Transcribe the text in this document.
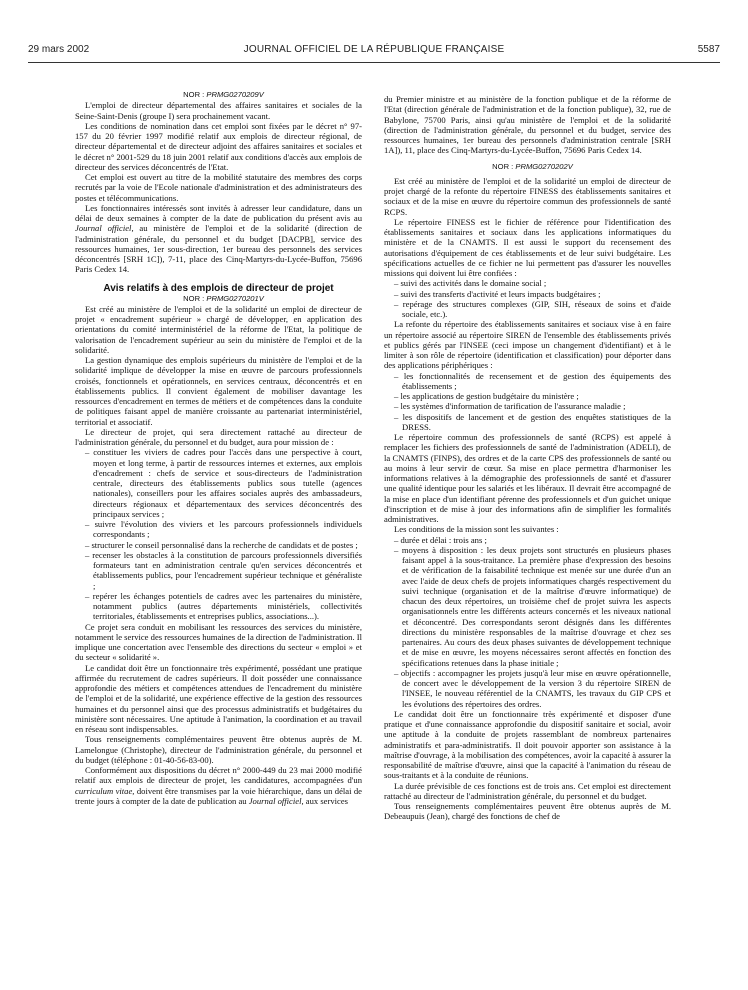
29 mars 2002	JOURNAL OFFICIEL DE LA RÉPUBLIQUE FRANÇAISE	5587

NOR : PRMG0270209V

L'emploi de directeur départemental des affaires sanitaires et sociales de la Seine-Saint-Denis (groupe I) sera prochainement vacant.

Les conditions de nomination dans cet emploi sont fixées par le décret n° 97-157 du 20 février 1997 modifié relatif aux emplois de directeur régional, de directeur départemental et de directeur adjoint des affaires sanitaires et sociales et le décret n° 2001-529 du 18 juin 2001 relatif aux conditions d'accès aux emplois de directeur des services déconcentrés de l'Etat.

Cet emploi est ouvert au titre de la mobilité statutaire des membres des corps recrutés par la voie de l'Ecole nationale d'administration et des administrateurs des postes et télécommunications.

Les fonctionnaires intéressés sont invités à adresser leur candidature, dans un délai de deux semaines à compter de la date de publication du présent avis au Journal officiel, au ministère de l'emploi et de la solidarité (direction de l'administration générale, du personnel et du budget [DACPB], service des ressources humaines, 1er sous-direction, 1er bureau des personnels des services déconcentrés [SRH 1C]), 7-11, place des Cinq-Martyrs-du-Lycée-Buffon, 75696 Paris Cedex 14.

Avis relatifs à des emplois de directeur de projet

NOR : PRMG0270201V

Est créé au ministère de l'emploi et de la solidarité un emploi de directeur de projet « encadrement supérieur » chargé de développer, en application des orientations du comité interministériel de la réforme de l'Etat, la politique de valorisation de l'encadrement supérieur au sein du ministère de l'emploi et de la solidarité.

La gestion dynamique des emplois supérieurs du ministère de l'emploi et de la solidarité implique de développer la mise en œuvre de parcours professionnels croisés, fonctionnels et opérationnels, en services centraux, déconcentrés et en établissements publics. Il convient également de mobiliser davantage les ressources d'encadrement en termes de métiers et de compétences dans la conduite de politiques faisant appel de manière croissante au partenariat interministériel, territorial et associatif.

Le directeur de projet, qui sera directement rattaché au directeur de l'administration générale, du personnel et du budget, aura pour mission de :

– constituer les viviers de cadres pour l'accès dans une perspective à court, moyen et long terme, à partir de ressources internes et externes, aux emplois d'encadrement : chefs de service et sous-directeurs de l'administration centrale, directeurs des établissements publics sous tutelle (agences nationales), conseillers pour les affaires sociales auprès des ambassadeurs, directeurs régionaux et départementaux des services déconcentrés des principaux services ;
– suivre l'évolution des viviers et les parcours professionnels individuels correspondants ;
– structurer le conseil personnalisé dans la recherche de candidats et de postes ;
– recenser les obstacles à la constitution de parcours professionnels diversifiés formateurs tant en administration centrale qu'en services déconcentrés et établissements publics, pour l'encadrement supérieur technique et généraliste ;
– repérer les échanges potentiels de cadres avec les partenaires du ministère, notamment publics (autres départements ministériels, collectivités territoriales, établissements et entreprises publics, associations...).

Ce projet sera conduit en mobilisant les ressources des services du ministère, notamment le service des ressources humaines de la direction de l'administration. Il implique une concertation avec l'ensemble des directions du secteur « emploi » et du secteur « solidarité ».

Le candidat doit être un fonctionnaire très expérimenté, possédant une pratique affirmée du recrutement de cadres supérieurs. Il doit posséder une connaissance approfondie des métiers et compétences attendues de l'encadrement du ministère de l'emploi et de la solidarité, une expérience effective de la gestion des ressources humaines et du personnel ainsi que des processus administratifs et budgétaires du ministère sont nécessaires. Une aptitude à l'animation, la coordination et au travail en réseau sont indispensables.

Tous renseignements complémentaires peuvent être obtenus auprès de M. Lamelongue (Christophe), directeur de l'administration générale, du personnel et du budget (téléphone : 01-40-56-83-00).

Conformément aux dispositions du décret n° 2000-449 du 23 mai 2000 modifié relatif aux emplois de directeur de projet, les candidatures, accompagnées d'un curriculum vitae, doivent être transmises par la voie hiérarchique, dans un délai de trente jours à compter de la date de publication au Journal officiel, aux services

du Premier ministre et au ministère de la fonction publique et de la réforme de l'Etat (direction générale de l'administration et de la fonction publique), 32, rue de Babylone, 75700 Paris, ainsi qu'au ministère de l'emploi et de la solidarité (direction de l'administration générale, du personnel et du budget, service des ressources humaines, 1er bureau des personnels d'administration centrale [SRH 1A]), 11, place des Cinq-Martyrs-du-Lycée-Buffon, 75696 Paris Cedex 14.

NOR : PRMG0270202V

Est créé au ministère de l'emploi et de la solidarité un emploi de directeur de projet chargé de la refonte du répertoire FINESS des établissements sanitaires et sociaux et de la mise en œuvre du répertoire commun des professionnels de santé RCPS.

Le répertoire FINESS est le fichier de référence pour l'identification des établissements sanitaires et sociaux dans les applications informatiques du ministère et de la CNAMTS. Il est aussi le support du recensement des autorisations d'équipement de ces établissements et de leur suivi budgétaire. Les spécifications actuelles de ce fichier ne lui permettent pas d'assurer les nouvelles missions qui doivent lui être confiées :

– suivi des activités dans le domaine social ;
– suivi des transferts d'activité et leurs impacts budgétaires ;
– repérage des structures complexes (GIP, SIH, réseaux de soins et d'aide sociale, etc.).

La refonte du répertoire des établissements sanitaires et sociaux vise à en faire un répertoire associé au répertoire SIREN de l'ensemble des établissements privés et publics gérés par l'INSEE (ceci impose un changement d'identifiant) et à le limiter à son rôle de répertoire (identification et classification) pour déporter dans des applications périphériques :

– les fonctionnalités de recensement et de gestion des équipements des établissements ;
– les applications de gestion budgétaire du ministère ;
– les systèmes d'information de tarification de l'assurance maladie ;
– les dispositifs de lancement et de gestion des enquêtes statistiques de la DRESS.

Le répertoire commun des professionnels de santé (RCPS) est appelé à remplacer les fichiers des professionnels de santé de l'administration (ADELI), de la CNAMTS (FINPS), des ordres et de la carte CPS des professionnels de santé ou au moins à leur servir de cœur. Sa mise en place permettra d'harmoniser les informations relatives à la démographie des professionnels de santé et d'assurer une qualité identique pour les salariés et les libéraux. Il devrait être accompagné de la mise en place d'un identifiant pérenne des professionnels et d'un guichet unique d'inscription et de mise à jour des informations afin de simplifier les formalités administratives.

Les conditions de la mission sont les suivantes :

– durée et délai : trois ans ;
– moyens à disposition : les deux projets sont structurés en plusieurs phases faisant appel à la sous-traitance. La première phase d'expression des besoins et de vérification de la faisabilité technique est menée sur une durée d'un an avec l'aide de deux chefs de projets informatiques chargés respectivement du suivi technique (organisation et de la maîtrise d'œuvre informatique) de chacun des deux répertoires, un troisième chef de projet suivra les aspects organisationnels entre les différents acteurs concernés et les niveaux national et déconcentré. Des correspondants seront désignés dans les différentes directions du ministère responsables de la maîtrise d'ouvrage et chez ses partenaires. Au cours des deux phases suivantes de développement technique et de mise en œuvre, les moyens nécessaires seront affectés en fonction des spécifications retenues dans la phase initiale ;
– objectifs : accompagner les projets jusqu'à leur mise en œuvre opérationnelle, de concert avec le développement de la version 3 du répertoire SIREN de l'INSEE, le nouveau référentiel de la CNAMTS, les travaux du GIP CPS et les évolutions des répertoires des ordres.

Le candidat doit être un fonctionnaire très expérimenté et disposer d'une pratique et d'une connaissance approfondie du dispositif sanitaire et social, avoir une aptitude à la conduite de projets rassemblant de nombreux partenaires administratifs et para-administratifs. Il doit pouvoir apporter son assistance à la maîtrise d'ouvrage, à la mobilisation des compétences, avoir la capacité à assurer la responsabilité de maîtrise d'œuvre, ainsi que la capacité à l'animation du réseau de sous-traitants et à la conduite de réunions.

La durée prévisible de ces fonctions est de trois ans. Cet emploi est directement rattaché au directeur de l'administration générale, du personnel et du budget.

Tous renseignements complémentaires peuvent être obtenus auprès de M. Debeaupuis (Jean), chargé des fonctions de chef de
